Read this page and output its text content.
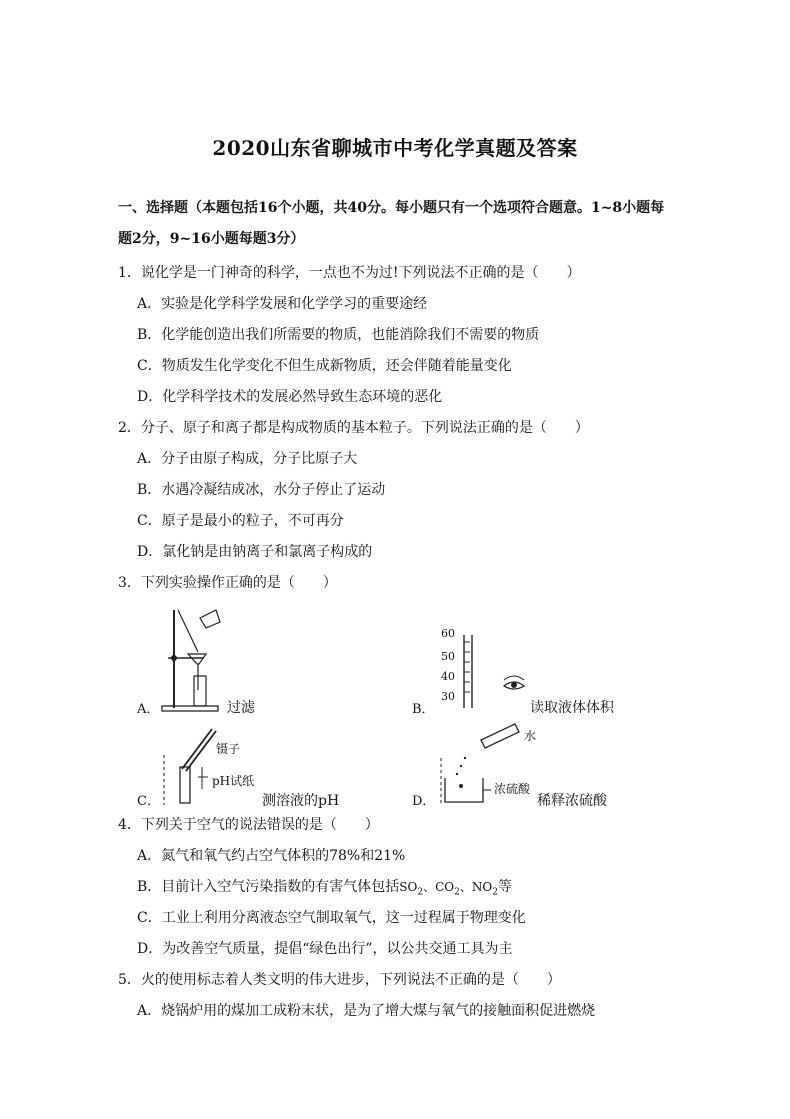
2020山东省聊城市中考化学真题及答案
一、选择题（本题包括16个小题，共40分。每小题只有一个选项符合题意。1~8小题每
题2分，9~16小题每题3分）
1．说化学是一门神奇的科学，一点也不为过!下列说法不正确的是（　　）
A．实验是化学科学发展和化学学习的重要途经
B．化学能创造出我们所需要的物质，也能消除我们不需要的物质
C．物质发生化学变化不但生成新物质，还会伴随着能量变化
D．化学科学技术的发展必然导致生态环境的恶化
2．分子、原子和离子都是构成物质的基本粒子。下列说法正确的是（　　）
A．分子由原子构成，分子比原子大
B．水遇冷凝结成冰，水分子停止了运动
C．原子是最小的粒子，不可再分
D．氯化钠是由钠离子和氯离子构成的
3．下列实验操作正确的是（　　）
A．	过滤	B．
60
50
40
30
读取液体体积
C．
镊子
pH试纸
测溶液的pH	D．
水
浓硫酸
稀释浓硫酸
4．下列关于空气的说法错误的是（　　）
A．氮气和氧气约占空气体积的78%和21%
B．目前计入空气污染指数的有害气体包括$SO_2$、$CO_2$、$NO_2$等
C．工业上利用分离液态空气制取氧气，这一过程属于物理变化
D．为改善空气质量，提倡“绿色出行”，以公共交通工具为主
5．火的使用标志着人类文明的伟大进步，下列说法不正确的是（　　）
A．烧锅炉用的煤加工成粉末状，是为了增大煤与氧气的接触面积促进燃烧
